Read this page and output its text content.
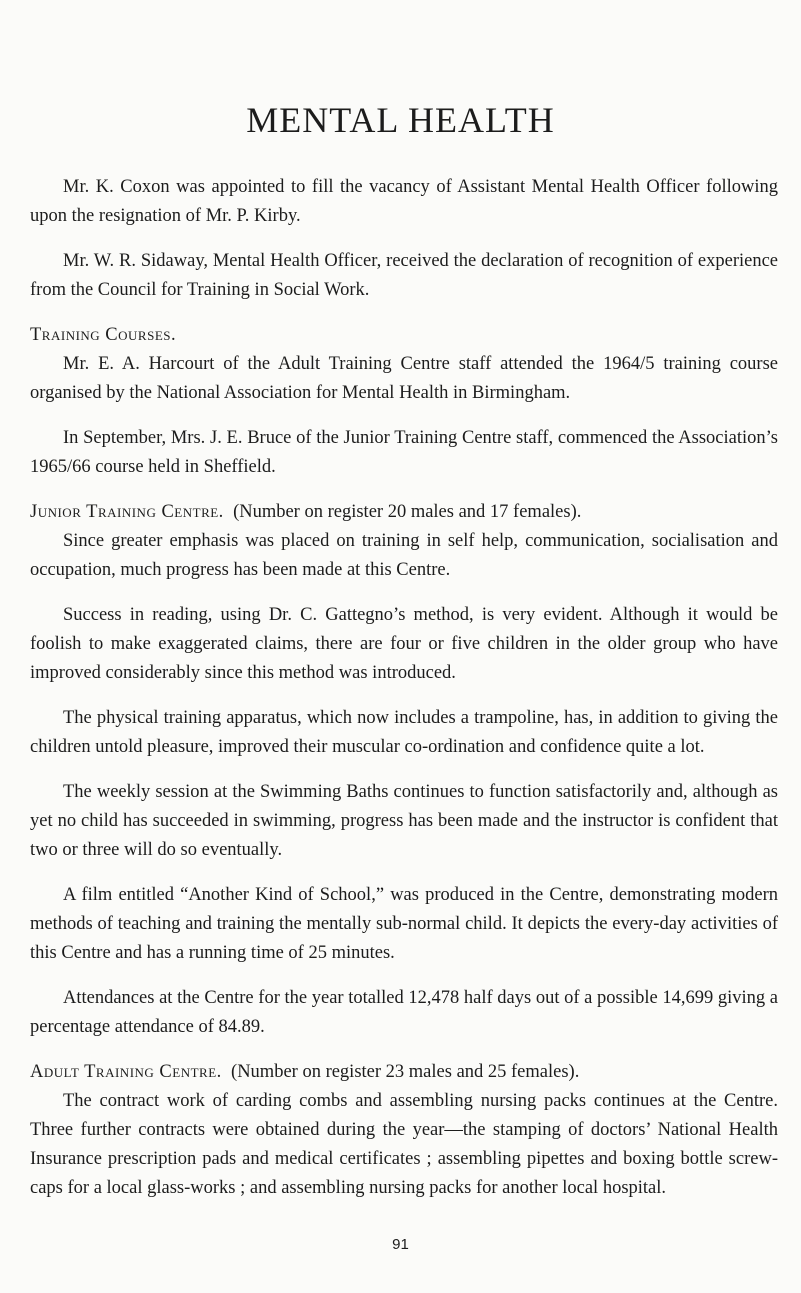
MENTAL HEALTH

Mr. K. Coxon was appointed to fill the vacancy of Assistant Mental Health Officer following upon the resignation of Mr. P. Kirby.

Mr. W. R. Sidaway, Mental Health Officer, received the declaration of recognition of experience from the Council for Training in Social Work.

Training Courses.

Mr. E. A. Harcourt of the Adult Training Centre staff attended the 1964/5 training course organised by the National Association for Mental Health in Birmingham.

In September, Mrs. J. E. Bruce of the Junior Training Centre staff, commenced the Association’s 1965/66 course held in Sheffield.

Junior Training Centre. (Number on register 20 males and 17 females).

Since greater emphasis was placed on training in self help, communication, socialisation and occupation, much progress has been made at this Centre.

Success in reading, using Dr. C. Gattegno’s method, is very evident. Although it would be foolish to make exaggerated claims, there are four or five children in the older group who have improved considerably since this method was introduced.

The physical training apparatus, which now includes a trampoline, has, in addition to giving the children untold pleasure, improved their muscular co-ordination and confidence quite a lot.

The weekly session at the Swimming Baths continues to function satisfactorily and, although as yet no child has succeeded in swimming, progress has been made and the instructor is confident that two or three will do so eventually.

A film entitled “Another Kind of School,” was produced in the Centre, demonstrating modern methods of teaching and training the mentally sub-normal child. It depicts the every-day activities of this Centre and has a running time of 25 minutes.

Attendances at the Centre for the year totalled 12,478 half days out of a possible 14,699 giving a percentage attendance of 84.89.

Adult Training Centre. (Number on register 23 males and 25 females).

The contract work of carding combs and assembling nursing packs continues at the Centre. Three further contracts were obtained during the year—the stamping of doctors’ National Health Insurance prescription pads and medical certificates ; assembling pipettes and boxing bottle screw-caps for a local glass-works ; and assembling nursing packs for another local hospital.

91
